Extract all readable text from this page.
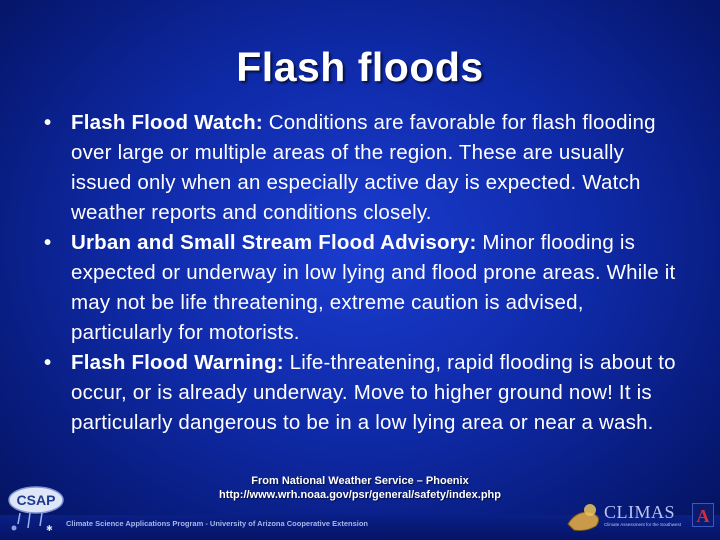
Flash floods
• Flash Flood Watch: Conditions are favorable for flash flooding over large or multiple areas of the region. These are usually issued only when an especially active day is expected. Watch weather reports and conditions closely.
• Urban and Small Stream Flood Advisory: Minor flooding is expected or underway in low lying and flood prone areas. While it may not be life threatening, extreme caution is advised, particularly for motorists.
• Flash Flood Warning: Life-threatening, rapid flooding is about to occur, or is already underway. Move to higher ground now! It is particularly dangerous to be in a low lying area or near a wash.
From National Weather Service – Phoenix
http://www.wrh.noaa.gov/psr/general/safety/index.php
Climate Science Applications Program - University of Arizona Cooperative Extension
CSAP
✱
CLIMAS
Climate Assessment for the Southwest A
